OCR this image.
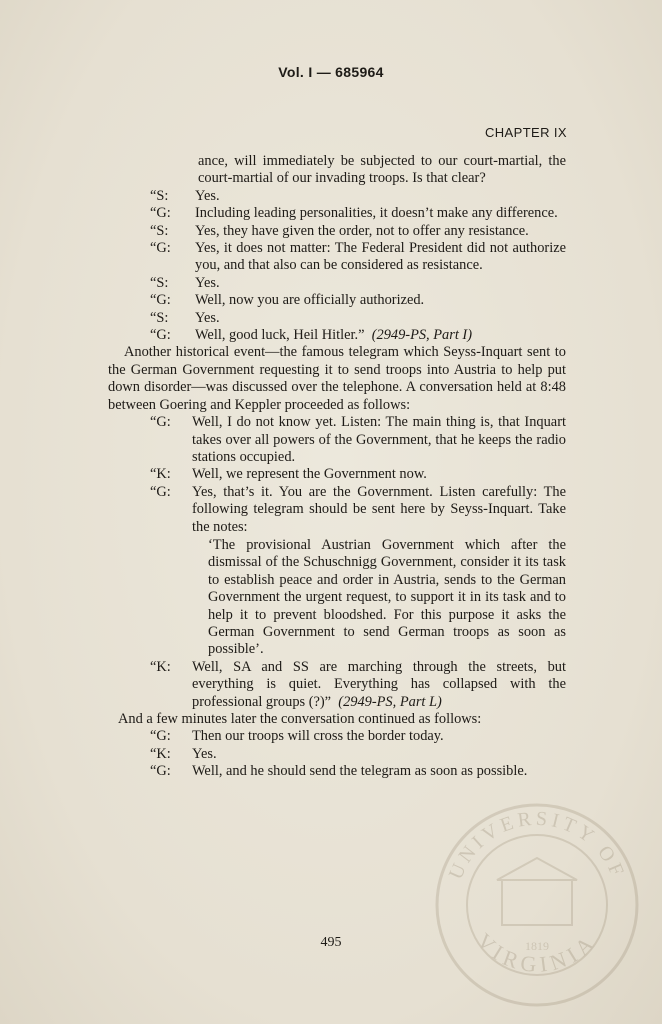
Vol. I — 685964
CHAPTER IX
ance, will immediately be subjected to our court-martial, the court-martial of our invading troops. Is that clear?
“S:	Yes.
“G:	Including leading personalities, it doesn’t make any difference.
“S:	Yes, they have given the order, not to offer any resistance.
“G:	Yes, it does not matter: The Federal President did not authorize you, and that also can be considered as resistance.
“S:	Yes.
“G:	Well, now you are officially authorized.
“S:	Yes.
“G:	Well, good luck, Heil Hitler.” (2949-PS, Part I)
Another historical event—the famous telegram which Seyss-Inquart sent to the German Government requesting it to send troops into Austria to help put down disorder—was discussed over the telephone. A conversation held at 8:48 between Goering and Keppler proceeded as follows:
“G:	Well, I do not know yet. Listen: The main thing is, that Inquart takes over all powers of the Government, that he keeps the radio stations occupied.
“K:	Well, we represent the Government now.
“G:	Yes, that’s it. You are the Government. Listen carefully: The following telegram should be sent here by Seyss-Inquart. Take the notes:
‘The provisional Austrian Government which after the dismissal of the Schuschnigg Government, consider it its task to establish peace and order in Austria, sends to the German Government the urgent request, to support it in its task and to help it to prevent bloodshed. For this purpose it asks the German Government to send German troops as soon as possible’.
“K:	Well, SA and SS are marching through the streets, but everything is quiet. Everything has collapsed with the professional groups (?)” (2949-PS, Part L)
And a few minutes later the conversation continued as follows:
“G:	Then our troops will cross the border today.
“K:	Yes.
“G:	Well, and he should send the telegram as soon as possible.
495
UNIVERSITY OF
VIRGINIA
1819
